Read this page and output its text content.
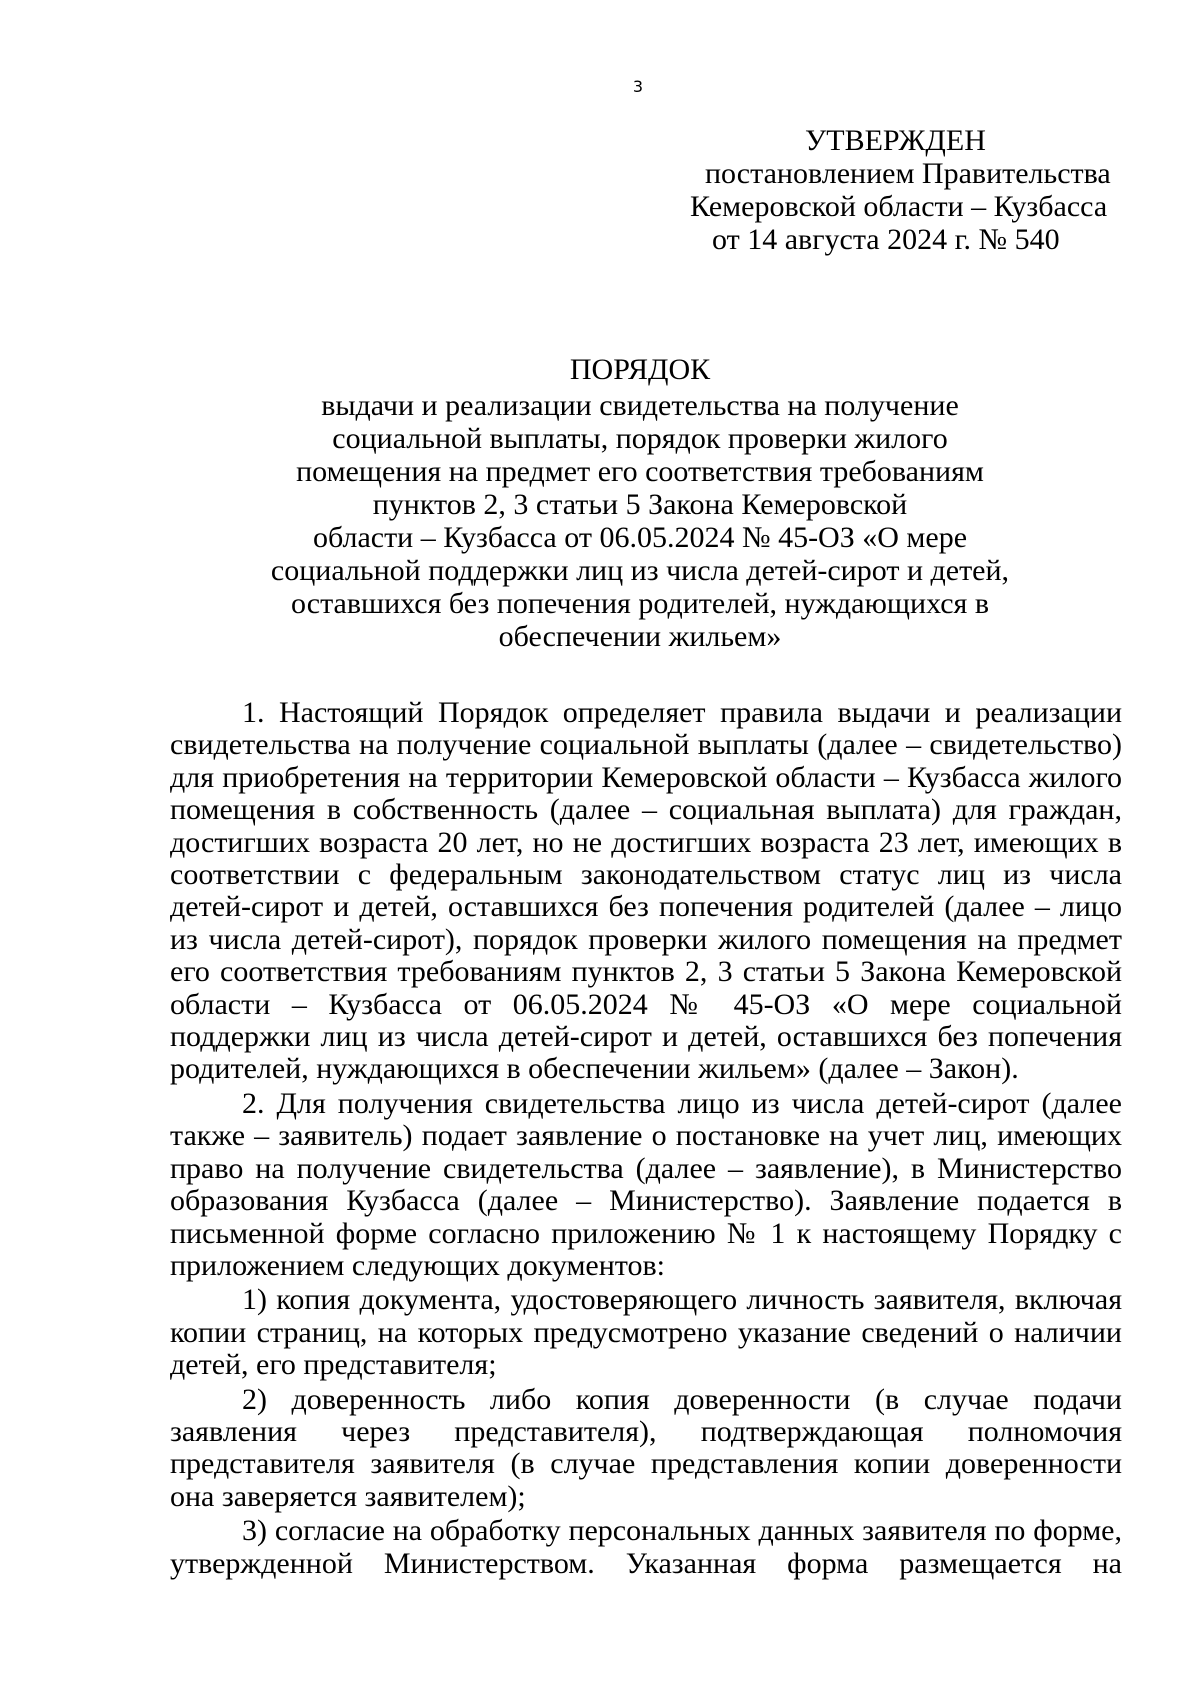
3
УТВЕРЖДЕН
постановлением Правительства
Кемеровской области – Кузбасса
от 14 августа 2024 г. № 540
ПОРЯДОК
выдачи и реализации свидетельства на получение
социальной выплаты, порядок проверки жилого
помещения на предмет его соответствия требованиям
пунктов 2, 3 статьи 5 Закона Кемеровской
области – Кузбасса от 06.05.2024 № 45-ОЗ «О мере
социальной поддержки лиц из числа детей-сирот и детей,
оставшихся без попечения родителей, нуждающихся в
обеспечении жильем»

1. Настоящий Порядок определяет правила выдачи и реализации свидетельства на получение социальной выплаты (далее – свидетельство) для приобретения на территории Кемеровской области – Кузбасса жилого помещения в собственность (далее – социальная выплата) для граждан, достигших возраста 20 лет, но не достигших возраста 23 лет, имеющих в соответствии с федеральным законодательством статус лиц из числа детей-сирот и детей, оставшихся без попечения родителей (далее – лицо из числа детей-сирот), порядок проверки жилого помещения на предмет его соответствия требованиям пунктов 2, 3 статьи 5 Закона Кемеровской области – Кузбасса от 06.05.2024 № 45-ОЗ «О мере социальной поддержки лиц из числа детей-сирот и детей, оставшихся без попечения родителей, нуждающихся в обеспечении жильем» (далее – Закон).

2. Для получения свидетельства лицо из числа детей-сирот (далее также – заявитель) подает заявление о постановке на учет лиц, имеющих право на получение свидетельства (далее – заявление), в Министерство образования Кузбасса (далее – Министерство). Заявление подается в письменной форме согласно приложению № 1 к настоящему Порядку с приложением следующих документов:

1) копия документа, удостоверяющего личность заявителя, включая копии страниц, на которых предусмотрено указание сведений о наличии детей, его представителя;

2) доверенность либо копия доверенности (в случае подачи заявления через представителя), подтверждающая полномочия представителя заявителя (в случае представления копии доверенности она заверяется заявителем);

3) согласие на обработку персональных данных заявителя по форме, утвержденной Министерством. Указанная форма размещается на
